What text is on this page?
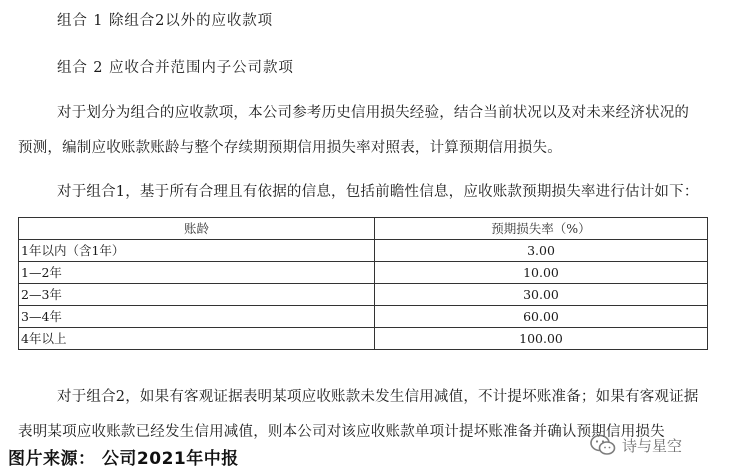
组合 1 除组合2以外的应收款项
组合 2 应收合并范围内子公司款项
对于划分为组合的应收款项，本公司参考历史信用损失经验，结合当前状况以及对未来经济状况的
预测，编制应收账款账龄与整个存续期预期信用损失率对照表，计算预期信用损失。
对于组合1，基于所有合理且有依据的信息，包括前瞻性信息，应收账款预期损失率进行估计如下：
账龄	预期损失率（%）
1年以内（含1年）	3.00
1—2年	10.00
2—3年	30.00
3—4年	60.00
4年以上	100.00
对于组合2，如果有客观证据表明某项应收账款未发生信用减值，不计提坏账准备；如果有客观证据
表明某项应收账款已经发生信用减值，则本公司对该应收账款单项计提坏账准备并确认预期信用损失
图片来源： 公司2021年中报
诗与星空
